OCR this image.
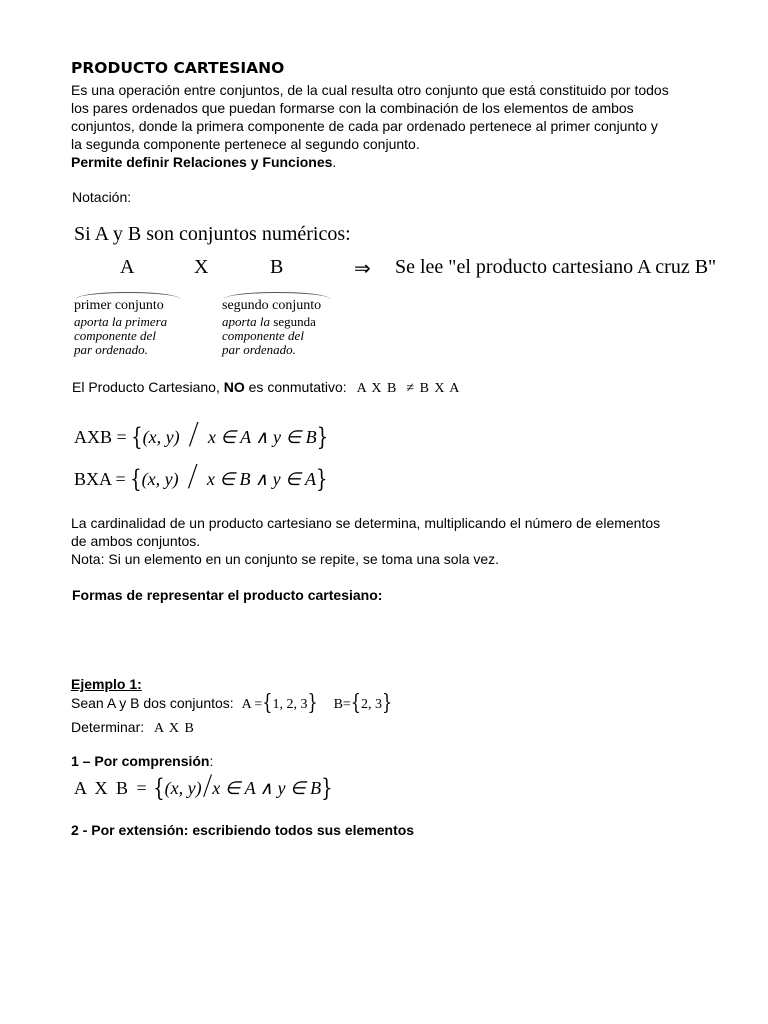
PRODUCTO CARTESIANO
Es una operación entre conjuntos, de la cual resulta otro conjunto que está constituido por todos
los pares ordenados que puedan formarse con la combinación de los elementos de ambos
conjuntos, donde la primera componente de cada par ordenado pertenece al primer conjunto y
la segunda componente pertenece al segundo conjunto.
Permite definir Relaciones y Funciones.
Notación:
Si A y B son conjuntos numéricos:
A	X	B	⇒ Se lee "el producto cartesiano A cruz B"
primer conjunto
aporta la primera
componente del
par ordenado.
segundo conjunto
aporta la segunda
componente del
par ordenado.
El Producto Cartesiano, NO es conmutativo: A X B  ≠ B X A
AXB = {(x, y) / x ∈ A ∧ y ∈ B}
BXA = {(x, y) / x ∈ B ∧ y ∈ A}
La cardinalidad de un producto cartesiano se determina, multiplicando el número de elementos
de ambos conjuntos.
Nota: Si un elemento en un conjunto se repite, se toma una sola vez.
Formas de representar el producto cartesiano:
Ejemplo 1:
Sean A y B dos conjuntos: A ={1, 2, 3} B={2, 3}
Determinar: A X B
1 – Por comprensión:
A X B = {(x, y)/x ∈ A ∧ y ∈ B}
2 - Por extensión: escribiendo todos sus elementos
